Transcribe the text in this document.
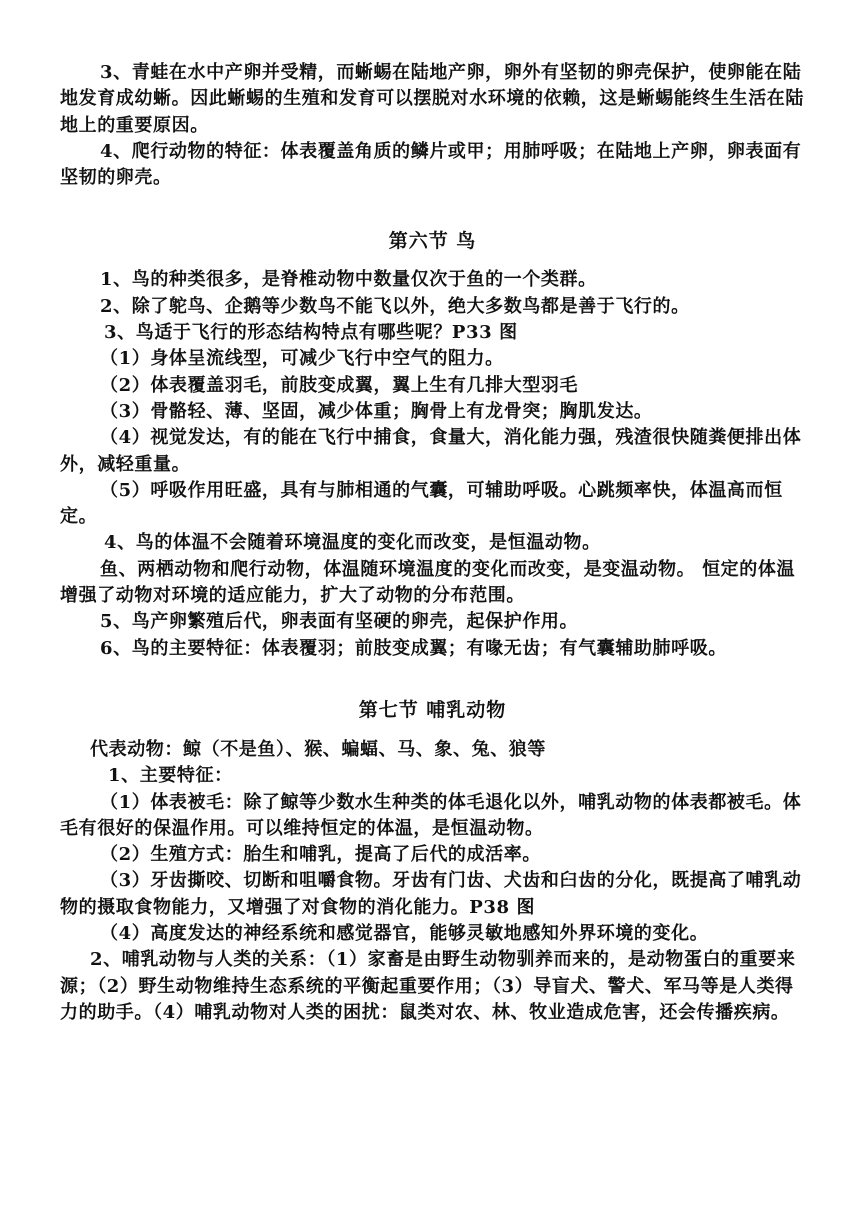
3、青蛙在水中产卵并受精，而蜥蜴在陆地产卵，卵外有坚韧的卵壳保护，使卵能在陆地发育成幼蜥。因此蜥蜴的生殖和发育可以摆脱对水环境的依赖，这是蜥蜴能终生生活在陆地上的重要原因。

4、爬行动物的特征：体表覆盖角质的鳞片或甲；用肺呼吸；在陆地上产卵，卵表面有坚韧的卵壳。

第六节 鸟

1、鸟的种类很多，是脊椎动物中数量仅次于鱼的一个类群。

2、除了鸵鸟、企鹅等少数鸟不能飞以外，绝大多数鸟都是善于飞行的。

3、鸟适于飞行的形态结构特点有哪些呢？P33 图

（1）身体呈流线型，可减少飞行中空气的阻力。

（2）体表覆盖羽毛，前肢变成翼，翼上生有几排大型羽毛

（3）骨骼轻、薄、坚固，减少体重；胸骨上有龙骨突；胸肌发达。

（4）视觉发达，有的能在飞行中捕食，食量大，消化能力强，残渣很快随粪便排出体外，减轻重量。

（5）呼吸作用旺盛，具有与肺相通的气囊，可辅助呼吸。心跳频率快，体温高而恒定。

4、鸟的体温不会随着环境温度的变化而改变，是恒温动物。

鱼、两栖动物和爬行动物，体温随环境温度的变化而改变，是变温动物。 恒定的体温增强了动物对环境的适应能力，扩大了动物的分布范围。

5、鸟产卵繁殖后代，卵表面有坚硬的卵壳，起保护作用。

6、鸟的主要特征：体表覆羽；前肢变成翼；有喙无齿；有气囊辅助肺呼吸。

第七节 哺乳动物

代表动物：鲸（不是鱼）、猴、蝙蝠、马、象、兔、狼等

1、主要特征：

（1）体表被毛：除了鲸等少数水生种类的体毛退化以外，哺乳动物的体表都被毛。体毛有很好的保温作用。可以维持恒定的体温，是恒温动物。

（2）生殖方式：胎生和哺乳，提高了后代的成活率。

（3）牙齿撕咬、切断和咀嚼食物。牙齿有门齿、犬齿和臼齿的分化，既提高了哺乳动物的摄取食物能力，又增强了对食物的消化能力。P38 图

（4）高度发达的神经系统和感觉器官，能够灵敏地感知外界环境的变化。

2、哺乳动物与人类的关系：（1）家畜是由野生动物驯养而来的，是动物蛋白的重要来源；（2）野生动物维持生态系统的平衡起重要作用；（3）导盲犬、警犬、军马等是人类得力的助手。（4）哺乳动物对人类的困扰：鼠类对农、林、牧业造成危害，还会传播疾病。
